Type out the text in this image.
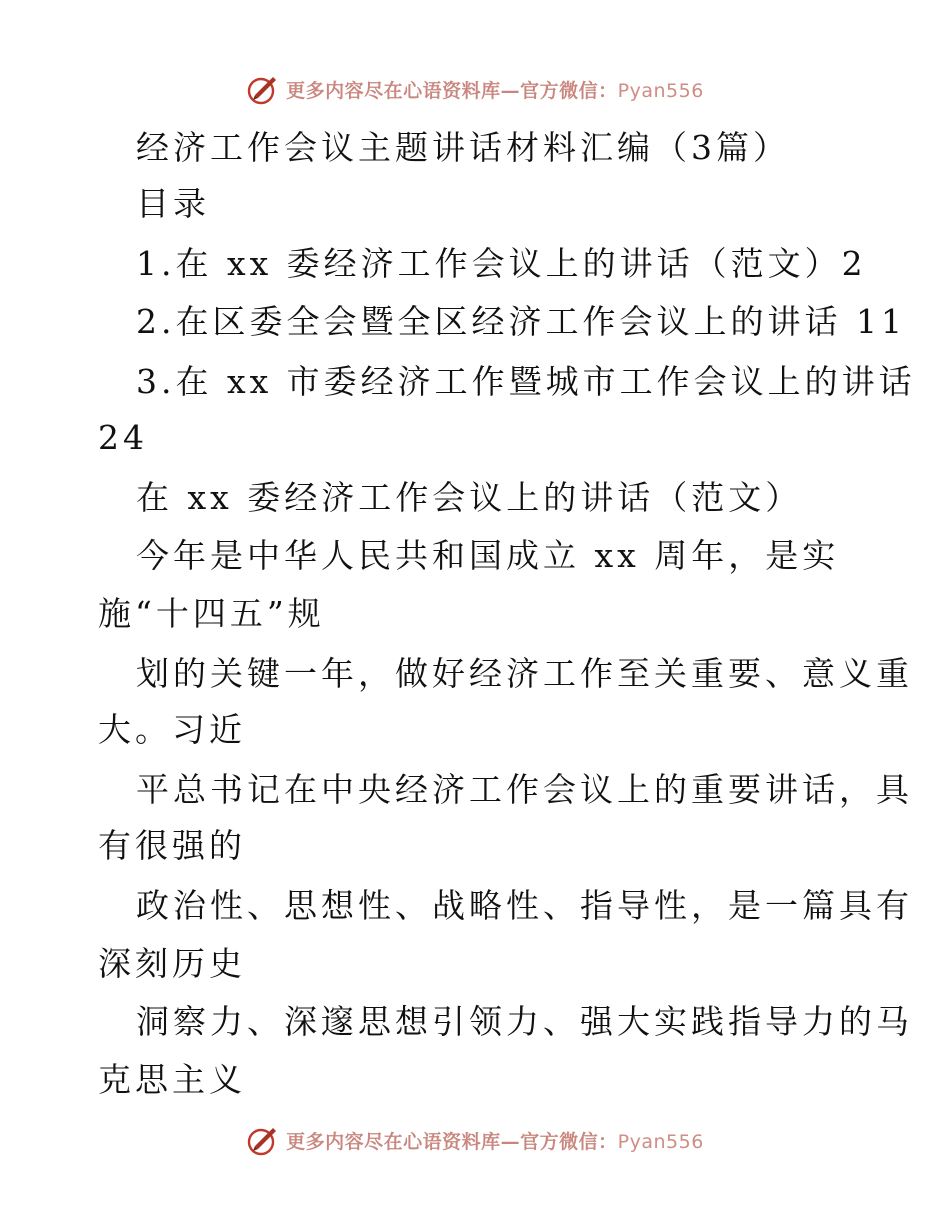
更多内容尽在心语资料库—官方微信：Pyan556
经济工作会议主题讲话材料汇编（3篇）
目录
1.在 xx 委经济工作会议上的讲话（范文）2
2.在区委全会暨全区经济工作会议上的讲话 11
3.在 xx 市委经济工作暨城市工作会议上的讲话
24
在 xx 委经济工作会议上的讲话（范文）
今年是中华人民共和国成立 xx 周年，是实
施“十四五”规
划的关键一年，做好经济工作至关重要、意义重
大。习近
平总书记在中央经济工作会议上的重要讲话，具
有很强的
政治性、思想性、战略性、指导性，是一篇具有
深刻历史
洞察力、深邃思想引领力、强大实践指导力的马
克思主义
更多内容尽在心语资料库—官方微信：Pyan556
